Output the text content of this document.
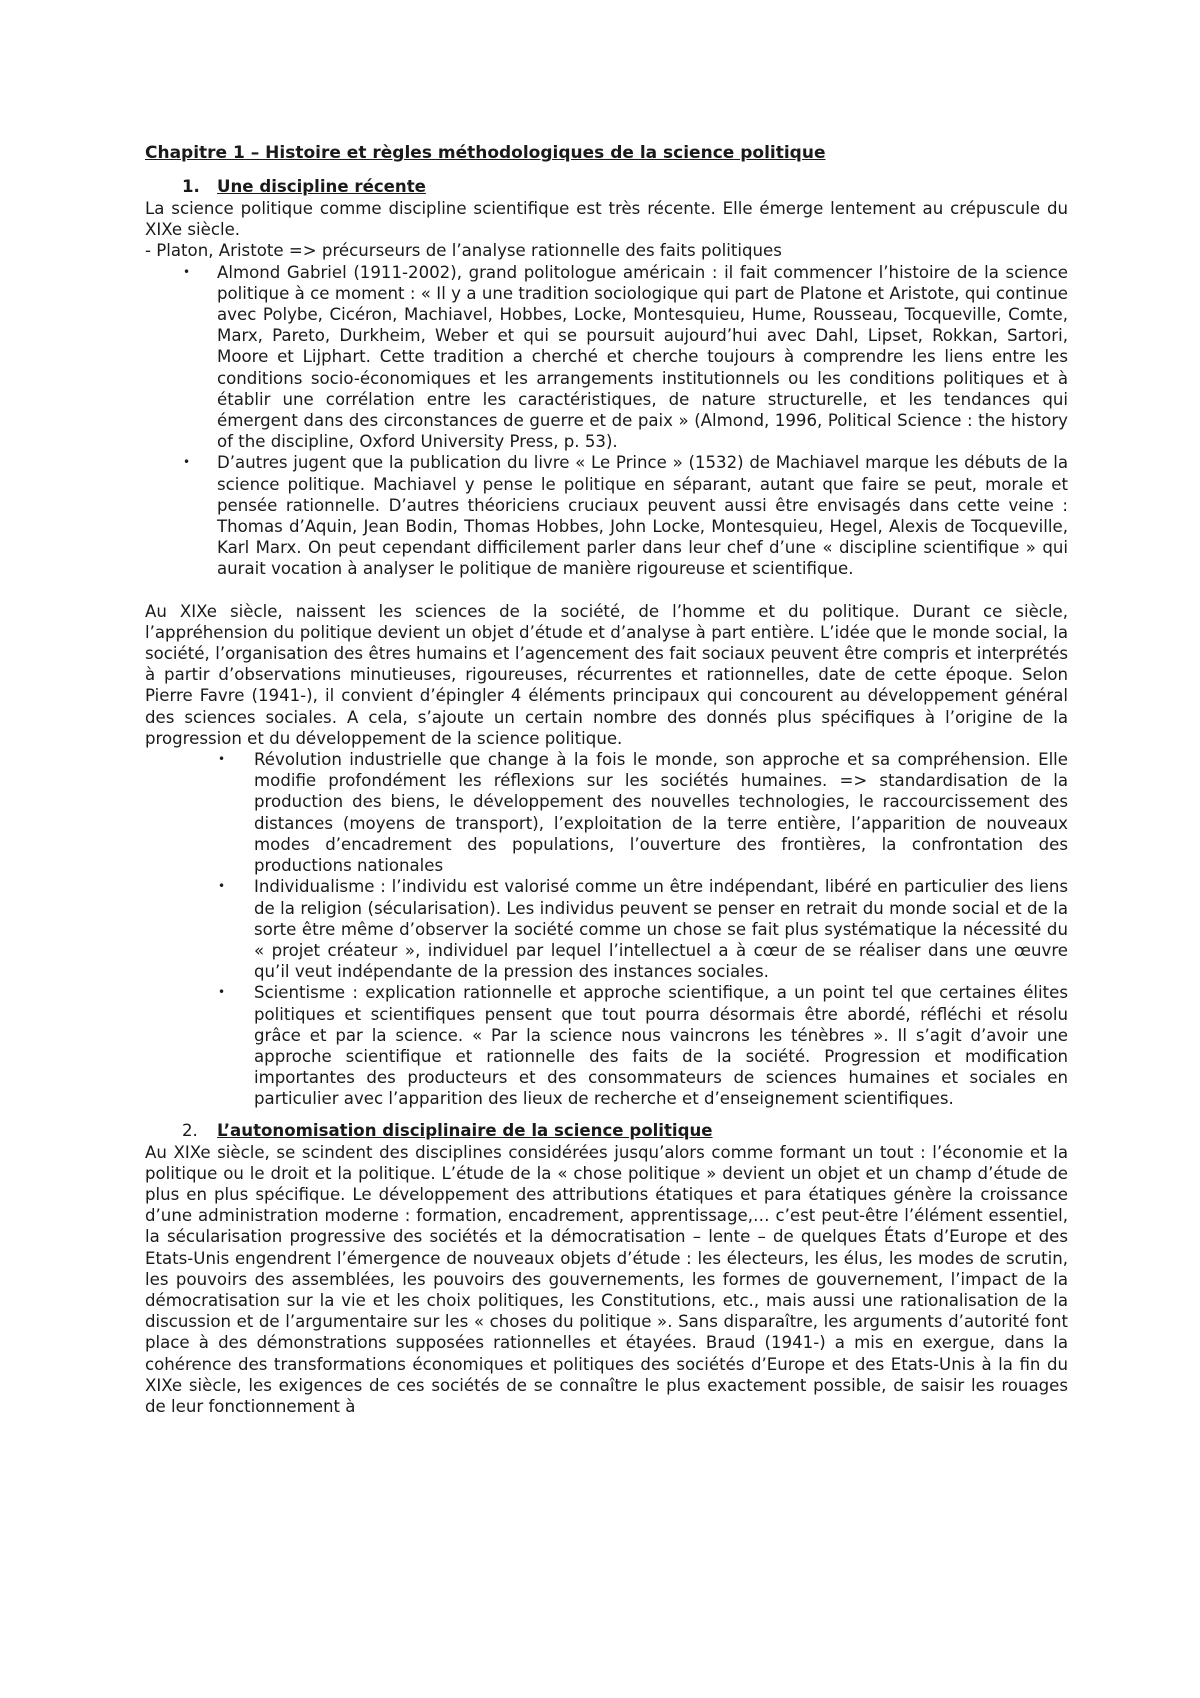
Chapitre 1 – Histoire et règles méthodologiques de la science politique

1. Une discipline récente

La science politique comme discipline scientifique est très récente. Elle émerge lentement au crépuscule du XIXe siècle.

- Platon, Aristote => précurseurs de l’analyse rationnelle des faits politiques

• Almond Gabriel (1911-2002), grand politologue américain : il fait commencer l’histoire de la science politique à ce moment : « Il y a une tradition sociologique qui part de Platone et Aristote, qui continue avec Polybe, Cicéron, Machiavel, Hobbes, Locke, Montesquieu, Hume, Rousseau, Tocqueville, Comte, Marx, Pareto, Durkheim, Weber et qui se poursuit aujourd’hui avec Dahl, Lipset, Rokkan, Sartori, Moore et Lijphart. Cette tradition a cherché et cherche toujours à comprendre les liens entre les conditions socio-économiques et les arrangements institutionnels ou les conditions politiques et à établir une corrélation entre les caractéristiques, de nature structurelle, et les tendances qui émergent dans des circonstances de guerre et de paix » (Almond, 1996, Political Science : the history of the discipline, Oxford University Press, p. 53).
• D’autres jugent que la publication du livre « Le Prince » (1532) de Machiavel marque les débuts de la science politique. Machiavel y pense le politique en séparant, autant que faire se peut, morale et pensée rationnelle. D’autres théoriciens cruciaux peuvent aussi être envisagés dans cette veine : Thomas d’Aquin, Jean Bodin, Thomas Hobbes, John Locke, Montesquieu, Hegel, Alexis de Tocqueville, Karl Marx. On peut cependant difficilement parler dans leur chef d’une « discipline scientifique » qui aurait vocation à analyser le politique de manière rigoureuse et scientifique.

Au XIXe siècle, naissent les sciences de la société, de l’homme et du politique. Durant ce siècle, l’appréhension du politique devient un objet d’étude et d’analyse à part entière. L’idée que le monde social, la société, l’organisation des êtres humains et l’agencement des fait sociaux peuvent être compris et interprétés à partir d’observations minutieuses, rigoureuses, récurrentes et rationnelles, date de cette époque. Selon Pierre Favre (1941-), il convient d’épingler 4 éléments principaux qui concourent au développement général des sciences sociales. A cela, s’ajoute un certain nombre des donnés plus spécifiques à l’origine de la progression et du développement de la science politique.

• Révolution industrielle que change à la fois le monde, son approche et sa compréhension. Elle modifie profondément les réflexions sur les sociétés humaines. => standardisation de la production des biens, le développement des nouvelles technologies, le raccourcissement des distances (moyens de transport), l’exploitation de la terre entière, l’apparition de nouveaux modes d’encadrement des populations, l’ouverture des frontières, la confrontation des productions nationales
• Individualisme : l’individu est valorisé comme un être indépendant, libéré en particulier des liens de la religion (sécularisation). Les individus peuvent se penser en retrait du monde social et de la sorte être même d’observer la société comme un chose se fait plus systématique la nécessité du « projet créateur », individuel par lequel l’intellectuel a à cœur de se réaliser dans une œuvre qu’il veut indépendante de la pression des instances sociales.
• Scientisme : explication rationnelle et approche scientifique, a un point tel que certaines élites politiques et scientifiques pensent que tout pourra désormais être abordé, réfléchi et résolu grâce et par la science. « Par la science nous vaincrons les ténèbres ». Il s’agit d’avoir une approche scientifique et rationnelle des faits de la société. Progression et modification importantes des producteurs et des consommateurs de sciences humaines et sociales en particulier avec l’apparition des lieux de recherche et d’enseignement scientifiques.

2. L’autonomisation disciplinaire de la science politique

Au XIXe siècle, se scindent des disciplines considérées jusqu’alors comme formant un tout : l’économie et la politique ou le droit et la politique. L’étude de la « chose politique » devient un objet et un champ d’étude de plus en plus spécifique. Le développement des attributions étatiques et para étatiques génère la croissance d’une administration moderne : formation, encadrement, apprentissage,… c’est peut-être l’élément essentiel, la sécularisation progressive des sociétés et la démocratisation – lente – de quelques États d’Europe et des Etats-Unis engendrent l’émergence de nouveaux objets d’étude : les électeurs, les élus, les modes de scrutin, les pouvoirs des assemblées, les pouvoirs des gouvernements, les formes de gouvernement, l’impact de la démocratisation sur la vie et les choix politiques, les Constitutions, etc., mais aussi une rationalisation de la discussion et de l’argumentaire sur les « choses du politique ». Sans disparaître, les arguments d’autorité font place à des démonstrations supposées rationnelles et étayées. Braud (1941-) a mis en exergue, dans la cohérence des transformations économiques et politiques des sociétés d’Europe et des Etats-Unis à la fin du XIXe siècle, les exigences de ces sociétés de se connaître le plus exactement possible, de saisir les rouages de leur fonctionnement à
